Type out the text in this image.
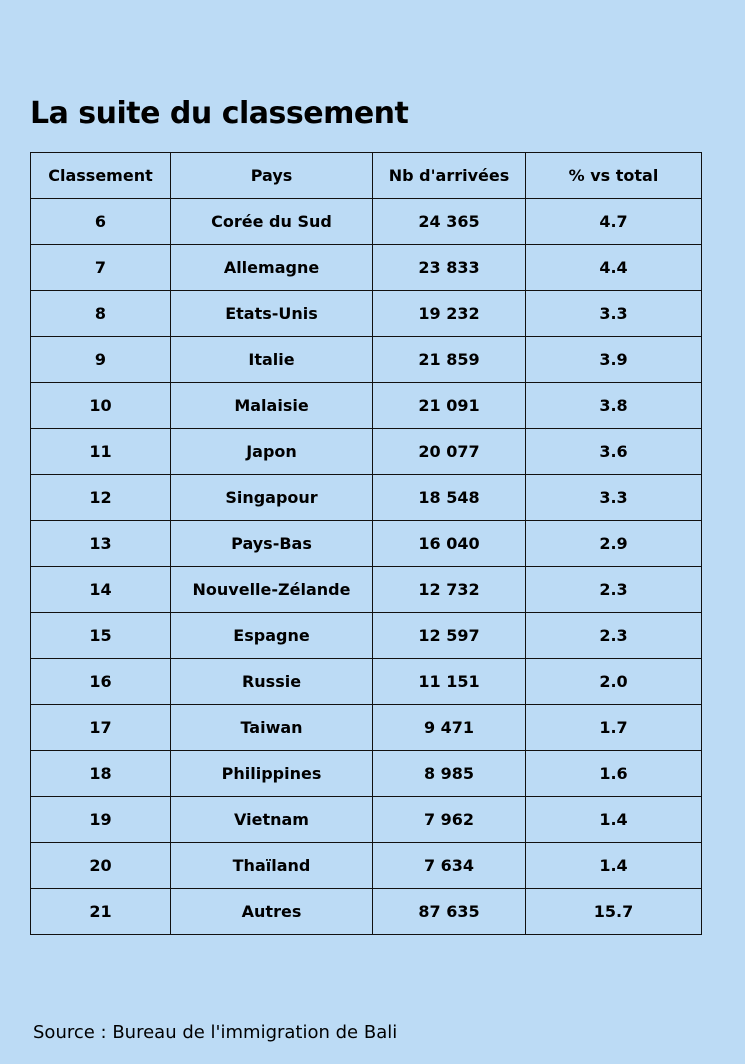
La suite du classement
Classement	Pays	Nb d'arrivées	% vs total
6	Corée du Sud	24 365	4.7
7	Allemagne	23 833	4.4
8	Etats-Unis	19 232	3.3
9	Italie	21 859	3.9
10	Malaisie	21 091	3.8
11	Japon	20 077	3.6
12	Singapour	18 548	3.3
13	Pays-Bas	16 040	2.9
14	Nouvelle-Zélande	12 732	2.3
15	Espagne	12 597	2.3
16	Russie	11 151	2.0
17	Taiwan	9 471	1.7
18	Philippines	8 985	1.6
19	Vietnam	7 962	1.4
20	Thaïland	7 634	1.4
21	Autres	87 635	15.7
Source : Bureau de l'immigration de Bali
